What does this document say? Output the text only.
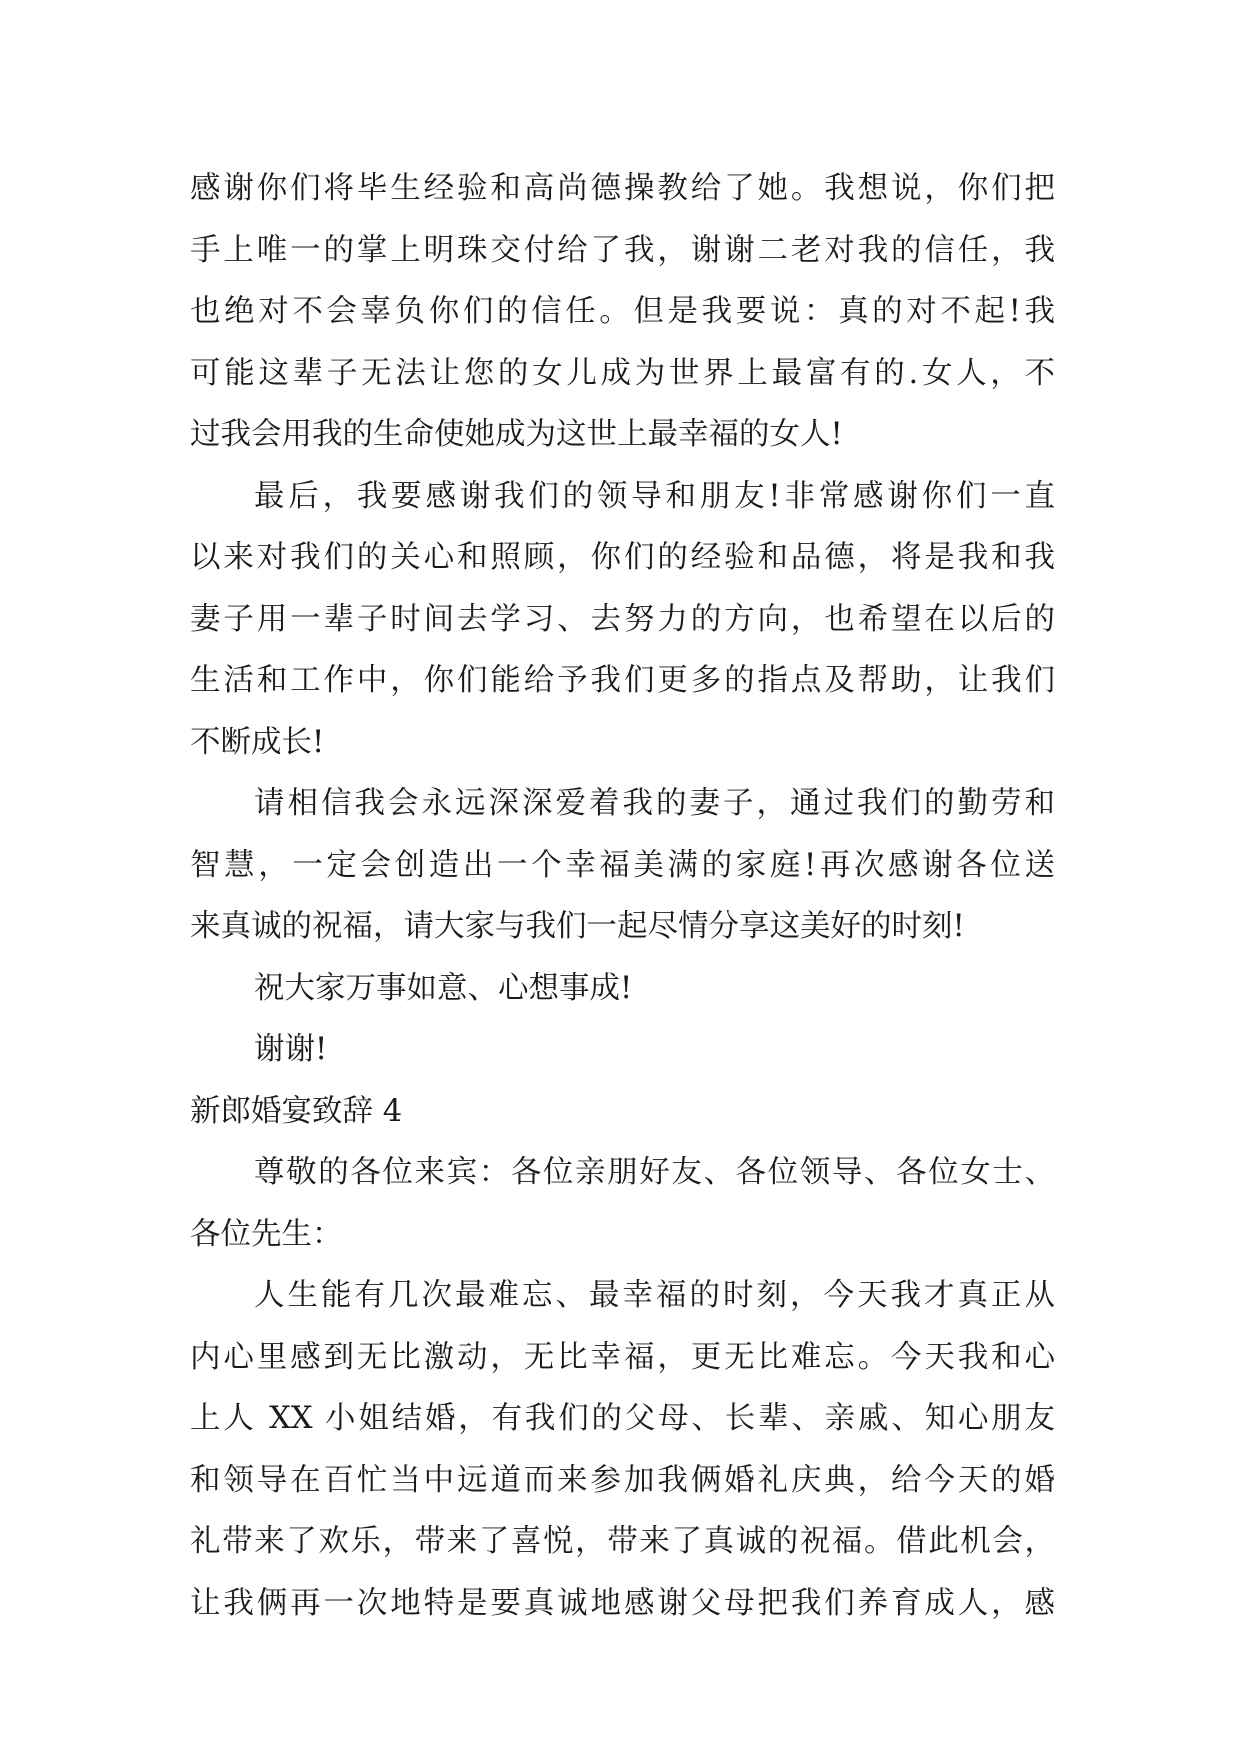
感谢你们将毕生经验和高尚德操教给了她。我想说，你们把
手上唯一的掌上明珠交付给了我，谢谢二老对我的信任，我
也绝对不会辜负你们的信任。但是我要说：真的对不起!我
可能这辈子无法让您的女儿成为世界上最富有的.女人，不
过我会用我的生命使她成为这世上最幸福的女人!
最后，我要感谢我们的领导和朋友!非常感谢你们一直
以来对我们的关心和照顾，你们的经验和品德，将是我和我
妻子用一辈子时间去学习、去努力的方向，也希望在以后的
生活和工作中，你们能给予我们更多的指点及帮助，让我们
不断成长!
请相信我会永远深深爱着我的妻子，通过我们的勤劳和
智慧，一定会创造出一个幸福美满的家庭!再次感谢各位送
来真诚的祝福，请大家与我们一起尽情分享这美好的时刻!
祝大家万事如意、心想事成!
谢谢!
新郎婚宴致辞 4
尊敬的各位来宾：各位亲朋好友、各位领导、各位女士、
各位先生：
人生能有几次最难忘、最幸福的时刻，今天我才真正从
内心里感到无比激动，无比幸福，更无比难忘。今天我和心
上人 XX 小姐结婚，有我们的父母、长辈、亲戚、知心朋友
和领导在百忙当中远道而来参加我俩婚礼庆典，给今天的婚
礼带来了欢乐，带来了喜悦，带来了真诚的祝福。借此机会，
让我俩再一次地特是要真诚地感谢父母把我们养育成人，感
